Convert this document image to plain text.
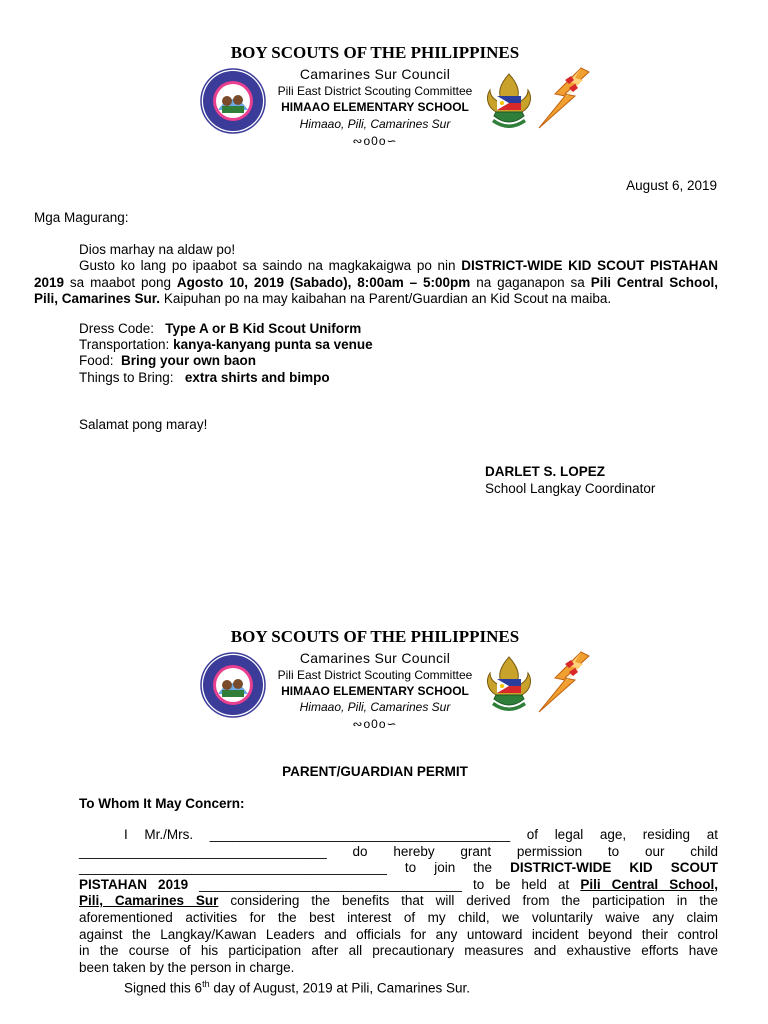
BOY SCOUTS OF THE PHILIPPINES
Camarines Sur Council
Pili East District Scouting Committee
HIMAAO ELEMENTARY SCHOOL
Himaao, Pili, Camarines Sur
∾o0o∽
August 6, 2019
Mga Magurang:
Dios marhay na aldaw po!
Gusto ko lang po ipaabot sa saindo na magkakaigwa po nin DISTRICT-WIDE KID SCOUT PISTAHAN
2019 sa maabot pong Agosto 10, 2019 (Sabado), 8:00am – 5:00pm na gaganapon sa Pili Central School,
Pili, Camarines Sur. Kaipuhan po na may kaibahan na Parent/Guardian an Kid Scout na maiba.
Dress Code: Type A or B Kid Scout Uniform
Transportation: kanya-kanyang punta sa venue
Food: Bring your own baon
Things to Bring: extra shirts and bimpo
Salamat pong maray!
DARLET S. LOPEZ
School Langkay Coordinator
BOY SCOUTS OF THE PHILIPPINES
Camarines Sur Council
Pili East District Scouting Committee
HIMAAO ELEMENTARY SCHOOL
Himaao, Pili, Camarines Sur
∾o0o∽
PARENT/GUARDIAN PERMIT
To Whom It May Concern:
I Mr./Mrs. ________________________________________ of legal age, residing at
_________________________________ do hereby grant permission to our child
_________________________________________ to join the DISTRICT-WIDE KID SCOUT
PISTAHAN 2019 ___________________________________ to be held at Pili Central School,
Pili, Camarines Sur considering the benefits that will derived from the participation in the
aforementioned activities for the best interest of my child, we voluntarily waive any claim
against the Langkay/Kawan Leaders and officials for any untoward incident beyond their control
in the course of his participation after all precautionary measures and exhaustive efforts have
been taken by the person in charge.
Signed this 6th day of August, 2019 at Pili, Camarines Sur.
